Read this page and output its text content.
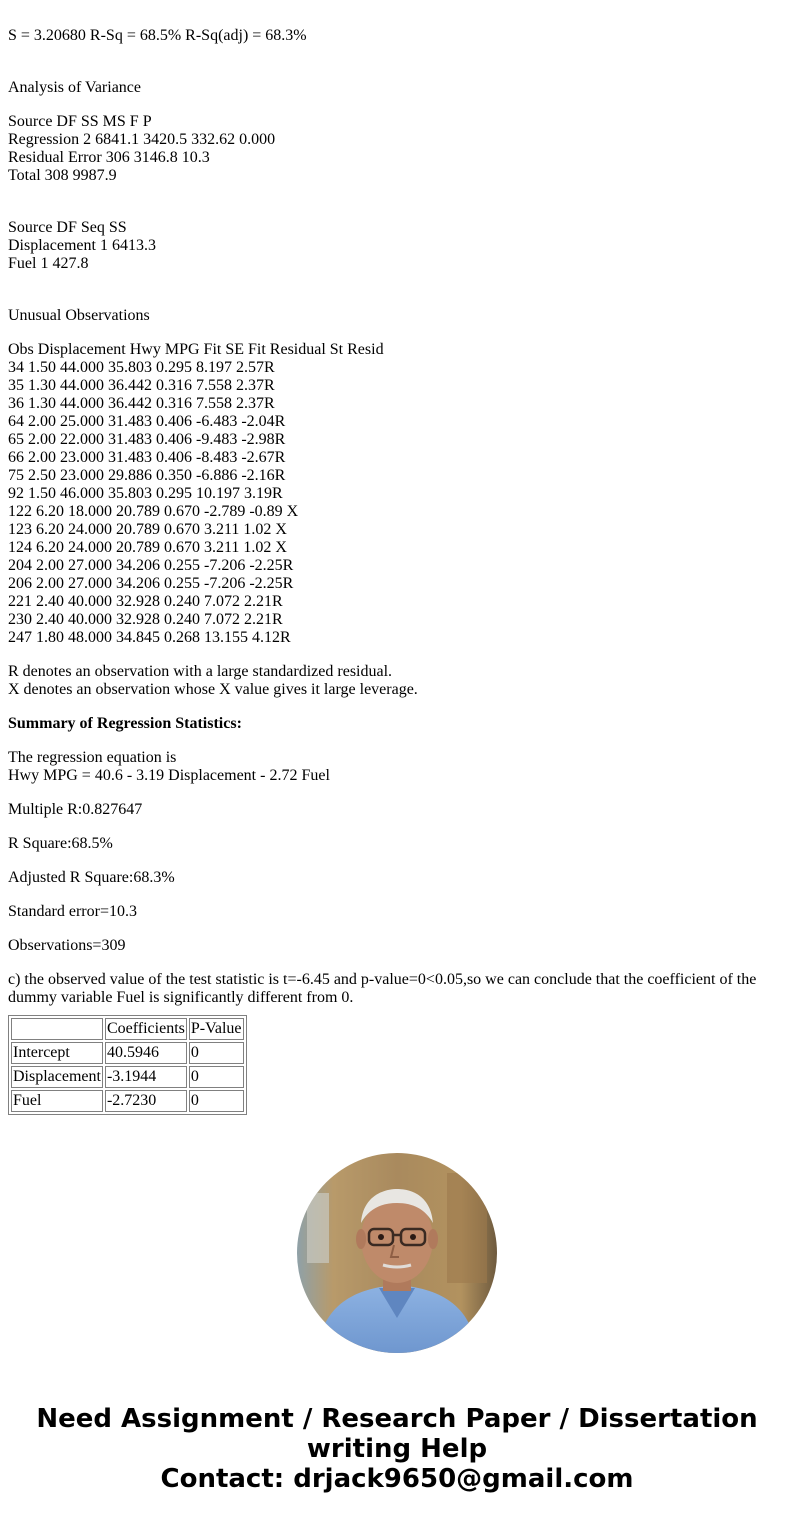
S = 3.20680 R-Sq = 68.5% R-Sq(adj) = 68.3%
Analysis of Variance
Source DF SS MS F P
Regression 2 6841.1 3420.5 332.62 0.000
Residual Error 306 3146.8 10.3
Total 308 9987.9
Source DF Seq SS
Displacement 1 6413.3
Fuel 1 427.8
Unusual Observations
Obs Displacement Hwy MPG Fit SE Fit Residual St Resid
34 1.50 44.000 35.803 0.295 8.197 2.57R
35 1.30 44.000 36.442 0.316 7.558 2.37R
36 1.30 44.000 36.442 0.316 7.558 2.37R
64 2.00 25.000 31.483 0.406 -6.483 -2.04R
65 2.00 22.000 31.483 0.406 -9.483 -2.98R
66 2.00 23.000 31.483 0.406 -8.483 -2.67R
75 2.50 23.000 29.886 0.350 -6.886 -2.16R
92 1.50 46.000 35.803 0.295 10.197 3.19R
122 6.20 18.000 20.789 0.670 -2.789 -0.89 X
123 6.20 24.000 20.789 0.670 3.211 1.02 X
124 6.20 24.000 20.789 0.670 3.211 1.02 X
204 2.00 27.000 34.206 0.255 -7.206 -2.25R
206 2.00 27.000 34.206 0.255 -7.206 -2.25R
221 2.40 40.000 32.928 0.240 7.072 2.21R
230 2.40 40.000 32.928 0.240 7.072 2.21R
247 1.80 48.000 34.845 0.268 13.155 4.12R
R denotes an observation with a large standardized residual.
X denotes an observation whose X value gives it large leverage.
Summary of Regression Statistics:
The regression equation is
Hwy MPG = 40.6 - 3.19 Displacement - 2.72 Fuel
Multiple R:0.827647
R Square:68.5%
Adjusted R Square:68.3%
Standard error=10.3
Observations=309
c) the observed value of the test statistic is t=-6.45 and p-value=0<0.05,so we can conclude that the coefficient of the dummy variable Fuel is significantly different from 0.
	Coefficients	P-Value
Intercept	40.5946	0
Displacement	-3.1944	0
Fuel	-2.7230	0
Need Assignment / Research Paper / Dissertation
writing Help
Contact: drjack9650@gmail.com
